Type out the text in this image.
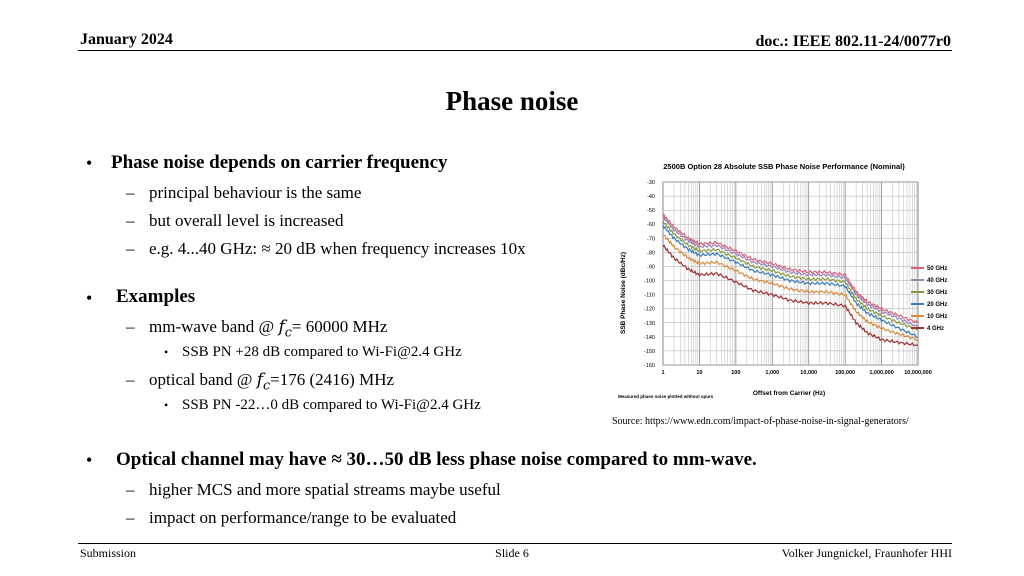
January 2024	doc.: IEEE 802.11-24/0077r0
Phase noise
• Phase noise depends on carrier frequency
– principal behaviour is the same
– but overall level is increased
– e.g. 4...40 GHz: ≈ 20 dB when frequency increases 10x
• Examples
– mm-wave band @ $f_c= 60000$ MHz
• SSB PN +28 dB compared to Wi-Fi@2.4 GHz
– optical band @ $f_c=176$ (2416) MHz
• SSB PN -22…0 dB compared to Wi-Fi@2.4 GHz
• Optical channel may have ≈ 30…50 dB less phase noise compared to mm-wave.
– higher MCS and more spatial streams maybe useful
– impact on performance/range to be evaluated
2500B Option 28 Absolute SSB Phase Noise Performance (Nominal)
SSB Phase Noise (dBc/Hz)
Offset from Carrier (Hz)
Measured phase noise plotted without spurs
-30
-40
-50
-60
-70
-80
-90
-100
-110
-120
-130
-140
-150
-160
1	10	100	1,000	10,000	100,000	1,000,000 10,000,000
50 GHz
40 GHz
30 GHz
20 GHz
10 GHz
4 GHz
Source: https://www.edn.com/impact-of-phase-noise-in-signal-generators/
Submission	Slide 6	Volker Jungnickel, Fraunhofer HHI
